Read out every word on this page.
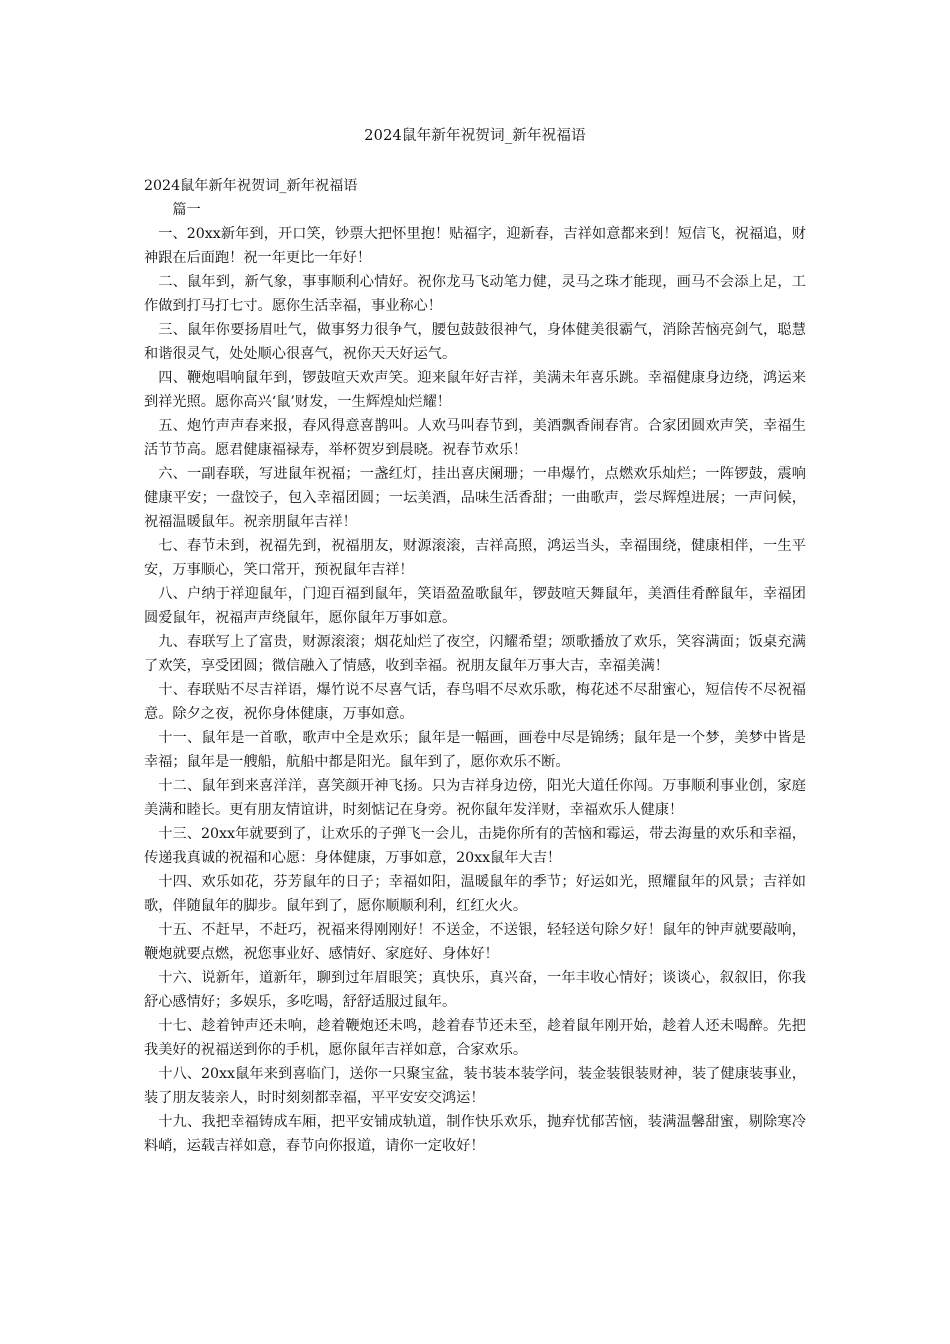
2024鼠年新年祝贺词_新年祝福语

2024鼠年新年祝贺词_新年祝福语

篇一

一、20xx新年到，开口笑，钞票大把怀里抱！贴福字，迎新春，吉祥如意都来到！短信飞，祝福追，财神跟在后面跑！祝一年更比一年好！

二、鼠年到，新气象，事事顺利心情好。祝你龙马飞动笔力健，灵马之珠才能现，画马不会添上足，工作做到打马打七寸。愿你生活幸福，事业称心！

三、鼠年你要扬眉吐气，做事努力很争气，腰包鼓鼓很神气，身体健美很霸气，消除苦恼亮剑气，聪慧和谐很灵气，处处顺心很喜气，祝你天天好运气。

四、鞭炮唱响鼠年到，锣鼓喧天欢声笑。迎来鼠年好吉祥，美满未年喜乐跳。幸福健康身边绕，鸿运来到祥光照。愿你高兴‘鼠’财发，一生辉煌灿烂耀！

五、炮竹声声春来报，春风得意喜鹊叫。人欢马叫春节到，美酒飘香闹春宵。合家团圆欢声笑，幸福生活节节高。愿君健康福禄寿，举杯贺岁到晨晓。祝春节欢乐！

六、一副春联，写进鼠年祝福；一盏红灯，挂出喜庆阑珊；一串爆竹，点燃欢乐灿烂；一阵锣鼓，震响健康平安；一盘饺子，包入幸福团圆；一坛美酒，品味生活香甜；一曲歌声，尝尽辉煌进展；一声问候，祝福温暖鼠年。祝亲朋鼠年吉祥！

七、春节未到，祝福先到，祝福朋友，财源滚滚，吉祥高照，鸿运当头，幸福围绕，健康相伴，一生平安，万事顺心，笑口常开，预祝鼠年吉祥！

八、户纳于祥迎鼠年，门迎百福到鼠年，笑语盈盈歌鼠年，锣鼓喧天舞鼠年，美酒佳肴醉鼠年，幸福团圆爱鼠年，祝福声声绕鼠年，愿你鼠年万事如意。

九、春联写上了富贵，财源滚滚；烟花灿烂了夜空，闪耀希望；颂歌播放了欢乐，笑容满面；饭桌充满了欢笑，享受团圆；微信融入了情感，收到幸福。祝朋友鼠年万事大吉，幸福美满！

十、春联贴不尽吉祥语，爆竹说不尽喜气话，春鸟唱不尽欢乐歌，梅花述不尽甜蜜心，短信传不尽祝福意。除夕之夜，祝你身体健康，万事如意。

十一、鼠年是一首歌，歌声中全是欢乐；鼠年是一幅画，画卷中尽是锦绣；鼠年是一个梦，美梦中皆是幸福；鼠年是一艘船，航船中都是阳光。鼠年到了，愿你欢乐不断。

十二、鼠年到来喜洋洋，喜笑颜开神飞扬。只为吉祥身边傍，阳光大道任你闯。万事顺利事业创，家庭美满和睦长。更有朋友情谊讲，时刻惦记在身旁。祝你鼠年发洋财，幸福欢乐人健康！

十三、20xx年就要到了，让欢乐的子弹飞一会儿，击毙你所有的苦恼和霉运，带去海量的欢乐和幸福，传递我真诚的祝福和心愿：身体健康，万事如意，20xx鼠年大吉！

十四、欢乐如花，芬芳鼠年的日子；幸福如阳，温暖鼠年的季节；好运如光，照耀鼠年的风景；吉祥如歌，伴随鼠年的脚步。鼠年到了，愿你顺顺利利，红红火火。

十五、不赶早，不赶巧，祝福来得刚刚好！不送金，不送银，轻轻送句除夕好！鼠年的钟声就要敲响，鞭炮就要点燃，祝您事业好、感情好、家庭好、身体好！

十六、说新年，道新年，聊到过年眉眼笑；真快乐，真兴奋，一年丰收心情好；谈谈心，叙叙旧，你我舒心感情好；多娱乐，多吃喝，舒舒适服过鼠年。

十七、趁着钟声还未响，趁着鞭炮还未鸣，趁着春节还未至，趁着鼠年刚开始，趁着人还未喝醉。先把我美好的祝福送到你的手机，愿你鼠年吉祥如意，合家欢乐。

十八、20xx鼠年来到喜临门，送你一只聚宝盆，装书装本装学问，装金装银装财神，装了健康装事业，装了朋友装亲人，时时刻刻都幸福，平平安安交鸿运！

十九、我把幸福铸成车厢，把平安铺成轨道，制作快乐欢乐，抛弃忧郁苦恼，装满温馨甜蜜，剔除寒冷料峭，运载吉祥如意，春节向你报道，请你一定收好！
